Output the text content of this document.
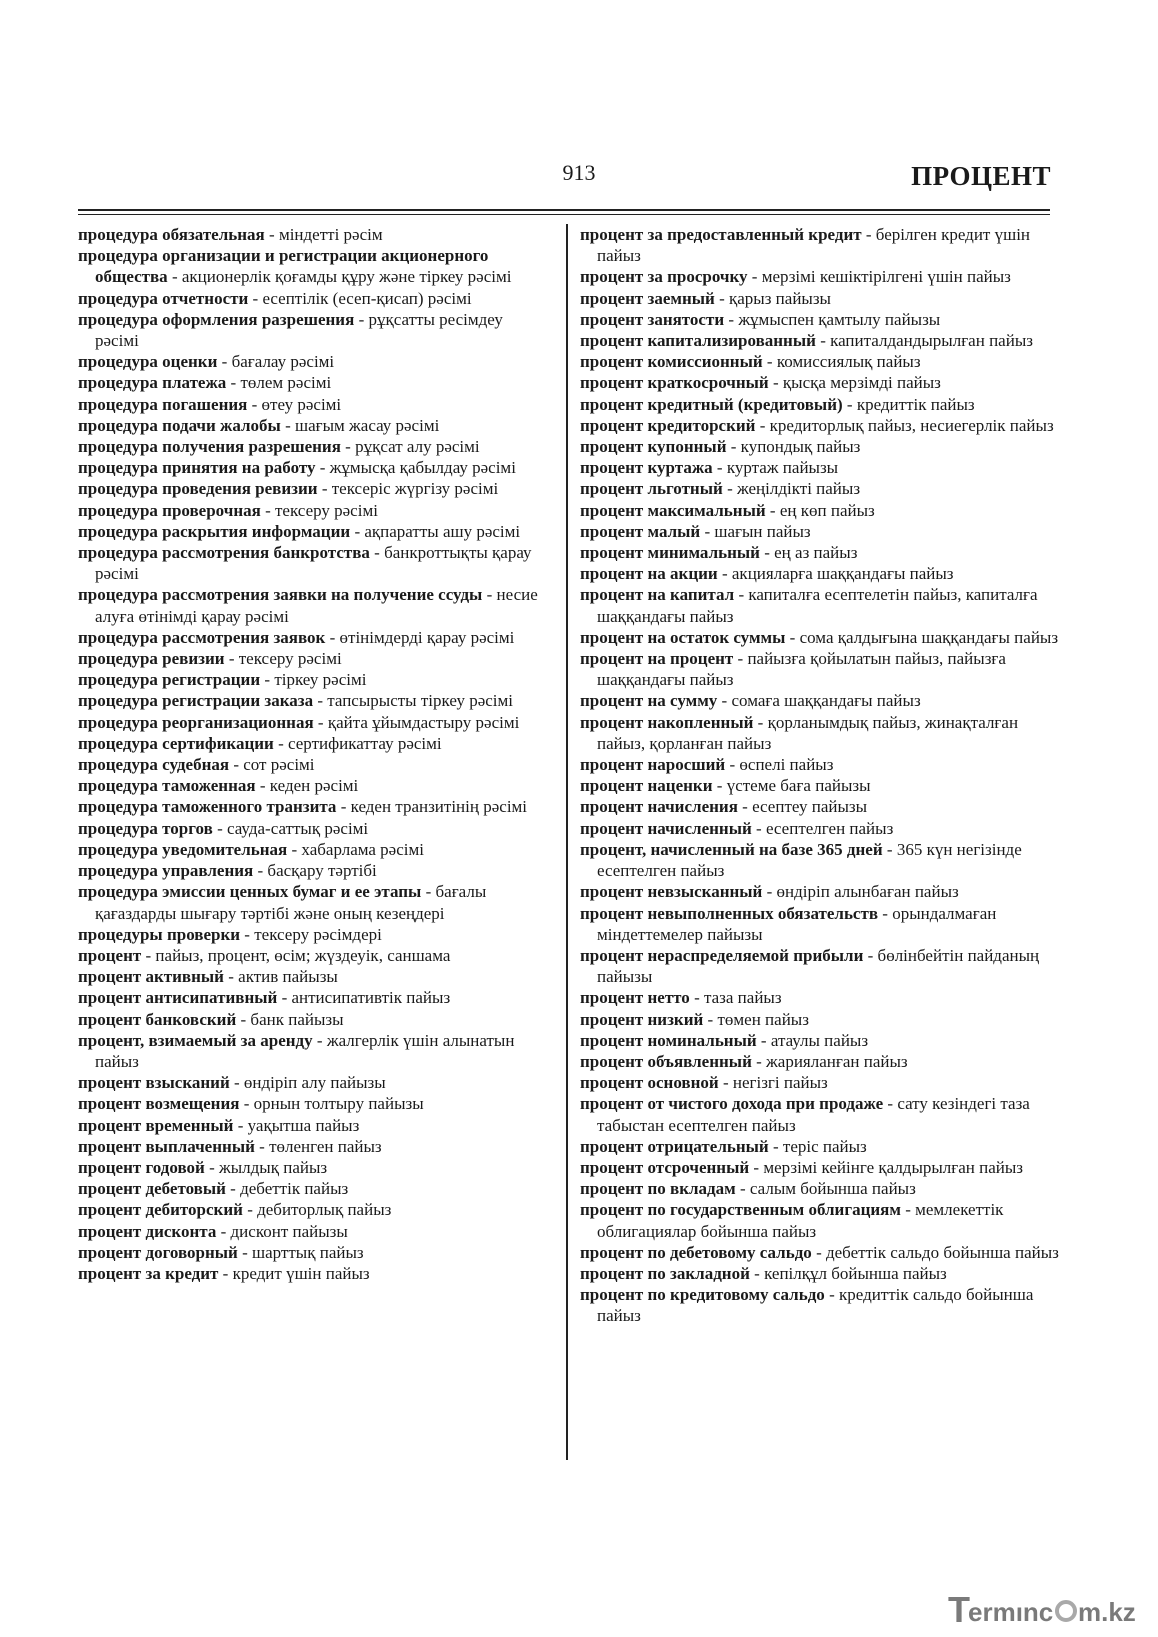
913	ПРОЦЕНТ

процедура обязательная - міндетті рәсім

процедура организации и регистрации акционерного общества - акционерлік қоғамды құру және тіркеу рәсімі

процедура отчетности - есептілік (есеп-қисап) рәсімі

процедура оформления разрешения - рұқсатты ресімдеу рәсімі

процедура оценки - бағалау рәсімі

процедура платежа - төлем рәсімі

процедура погашения - өтеу рәсімі

процедура подачи жалобы - шағым жасау рәсімі

процедура получения разрешения - рұқсат алу рәсімі

процедура принятия на работу - жұмысқа қабылдау рәсімі

процедура проведения ревизии - тексеріс жүргізу рәсімі

процедура проверочная - тексеру рәсімі

процедура раскрытия информации - ақпаратты ашу рәсімі

процедура рассмотрения банкротства - банкроттықты қарау рәсімі

процедура рассмотрения заявки на получение ссуды - несие алуға өтінімді қарау рәсімі

процедура рассмотрения заявок - өтінімдерді қарау рәсімі

процедура ревизии - тексеру рәсімі

процедура регистрации - тіркеу рәсімі

процедура регистрации заказа - тапсырысты тіркеу рәсімі

процедура реорганизационная - қайта ұйымдастыру рәсімі

процедура сертификации - сертификаттау рәсімі

процедура судебная - сот рәсімі

процедура таможенная - кеден рәсімі

процедура таможенного транзита - кеден транзитінің рәсімі

процедура торгов - сауда-саттық рәсімі

процедура уведомительная - хабарлама рәсімі

процедура управления - басқару тәртібі

процедура эмиссии ценных бумаг и ее этапы - бағалы қағаздарды шығару тәртібі және оның кезеңдері

процедуры проверки - тексеру рәсімдері

процент - пайыз, процент, өсім; жүздеуік, саншама

процент активный - актив пайызы

процент антисипативный - антисипативтік пайыз

процент банковский - банк пайызы

процент, взимаемый за аренду - жалгерлік үшін алынатын пайыз

процент взысканий - өндіріп алу пайызы

процент возмещения - орнын толтыру пайызы

процент временный - уақытша пайыз

процент выплаченный - төленген пайыз

процент годовой - жылдық пайыз

процент дебетовый - дебеттік пайыз

процент дебиторский - дебиторлық пайыз

процент дисконта - дисконт пайызы

процент договорный - шарттық пайыз

процент за кредит - кредит үшін пайыз

процент за предоставленный кредит - берілген кредит үшін пайыз

процент за просрочку - мерзімі кешіктірілгені үшін пайыз

процент заемный - қарыз пайызы

процент занятости - жұмыспен қамтылу пайызы

процент капитализированный - капиталдандырылған пайыз

процент комиссионный - комиссиялық пайыз

процент краткосрочный - қысқа мерзімді пайыз

процент кредитный (кредитовый) - кредиттік пайыз

процент кредиторский - кредиторлық пайыз, несиегерлік пайыз

процент купонный - купондық пайыз

процент куртажа - куртаж пайызы

процент льготный - жеңілдікті пайыз

процент максимальный - ең көп пайыз

процент малый - шағын пайыз

процент минимальный - ең аз пайыз

процент на акции - акцияларға шаққандағы пайыз

процент на капитал - капиталға есептелетін пайыз, капиталға шаққандағы пайыз

процент на остаток суммы - сома қалдығына шаққандағы пайыз

процент на процент - пайызға қойылатын пайыз, пайызға шаққандағы пайыз

процент на сумму - сомаға шаққандағы пайыз

процент накопленный - қорланымдық пайыз, жинақталған пайыз, қорланған пайыз

процент наросший - өспелі пайыз

процент наценки - үстеме баға пайызы

процент начисления - есептеу пайызы

процент начисленный - есептелген пайыз

процент, начисленный на базе 365 дней - 365 күн негізінде есептелген пайыз

процент невзысканный - өндіріп алынбаған пайыз

процент невыполненных обязательств - орындалмаған міндеттемелер пайызы

процент нераспределяемой прибыли - бөлінбейтін пайданың пайызы

процент нетто - таза пайыз

процент низкий - төмен пайыз

процент номинальный - атаулы пайыз

процент объявленный - жарияланған пайыз

процент основной - негізгі пайыз

процент от чистого дохода при продаже - сату кезіндегі таза табыстан есептелген пайыз

процент отрицательный - теріс пайыз

процент отсроченный - мерзімі кейінге қалдырылған пайыз

процент по вкладам - салым бойынша пайыз

процент по государственным облигациям - мемлекеттік облигациялар бойынша пайыз

процент по дебетовому сальдо - дебеттік сальдо бойынша пайыз

процент по закладной - кепілқұл бойынша пайыз

процент по кредитовому сальдо - кредиттік сальдо бойынша пайыз

T
ermınc m.kz
